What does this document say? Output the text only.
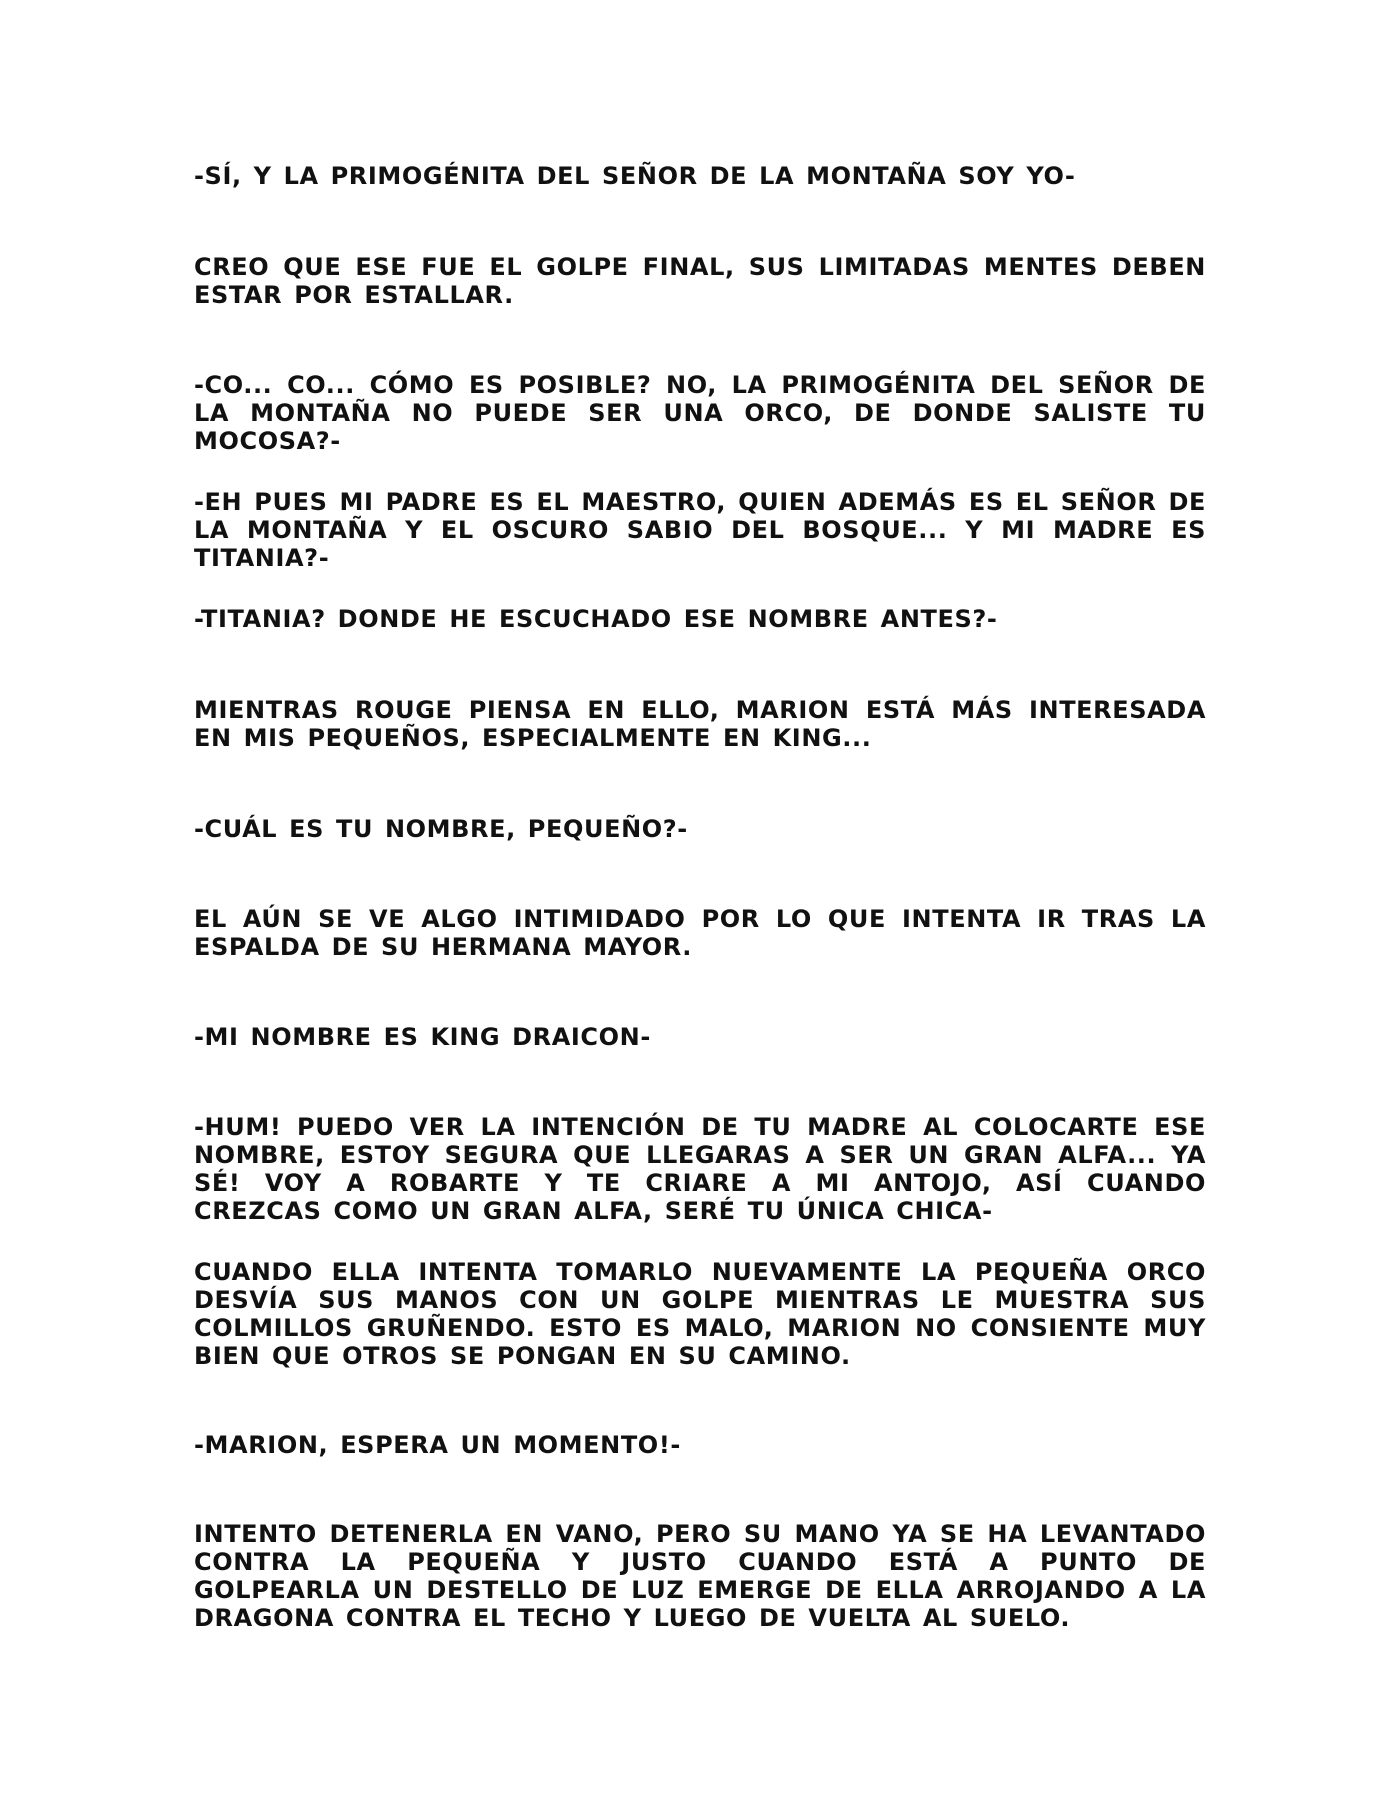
-SÍ, Y LA PRIMOGÉNITA DEL SEÑOR DE LA MONTAÑA SOY YO-

CREO QUE ESE FUE EL GOLPE FINAL, SUS LIMITADAS MENTES DEBEN ESTAR POR ESTALLAR.

-CO... CO... CÓMO ES POSIBLE? NO, LA PRIMOGÉNITA DEL SEÑOR DE LA MONTAÑA NO PUEDE SER UNA ORCO, DE DONDE SALISTE TU MOCOSA?-

-EH PUES MI PADRE ES EL MAESTRO, QUIEN ADEMÁS ES EL SEÑOR DE LA MONTAÑA Y EL OSCURO SABIO DEL BOSQUE... Y MI MADRE ES TITANIA?-

-TITANIA? DONDE HE ESCUCHADO ESE NOMBRE ANTES?-

MIENTRAS ROUGE PIENSA EN ELLO, MARION ESTÁ MÁS INTERESADA EN MIS PEQUEÑOS, ESPECIALMENTE EN KING...

-CUÁL ES TU NOMBRE, PEQUEÑO?-

EL AÚN SE VE ALGO INTIMIDADO POR LO QUE INTENTA IR TRAS LA ESPALDA DE SU HERMANA MAYOR.

-MI NOMBRE ES KING DRAICON-

-HUM! PUEDO VER LA INTENCIÓN DE TU MADRE AL COLOCARTE ESE NOMBRE, ESTOY SEGURA QUE LLEGARAS A SER UN GRAN ALFA... YA SÉ! VOY A ROBARTE Y TE CRIARE A MI ANTOJO, ASÍ CUANDO CREZCAS COMO UN GRAN ALFA, SERÉ TU ÚNICA CHICA-

CUANDO ELLA INTENTA TOMARLO NUEVAMENTE LA PEQUEÑA ORCO DESVÍA SUS MANOS CON UN GOLPE MIENTRAS LE MUESTRA SUS COLMILLOS GRUÑENDO. ESTO ES MALO, MARION NO CONSIENTE MUY BIEN QUE OTROS SE PONGAN EN SU CAMINO.

-MARION, ESPERA UN MOMENTO!-

INTENTO DETENERLA EN VANO, PERO SU MANO YA SE HA LEVANTADO CONTRA LA PEQUEÑA Y JUSTO CUANDO ESTÁ A PUNTO DE GOLPEARLA UN DESTELLO DE LUZ EMERGE DE ELLA ARROJANDO A LA DRAGONA CONTRA EL TECHO Y LUEGO DE VUELTA AL SUELO.
